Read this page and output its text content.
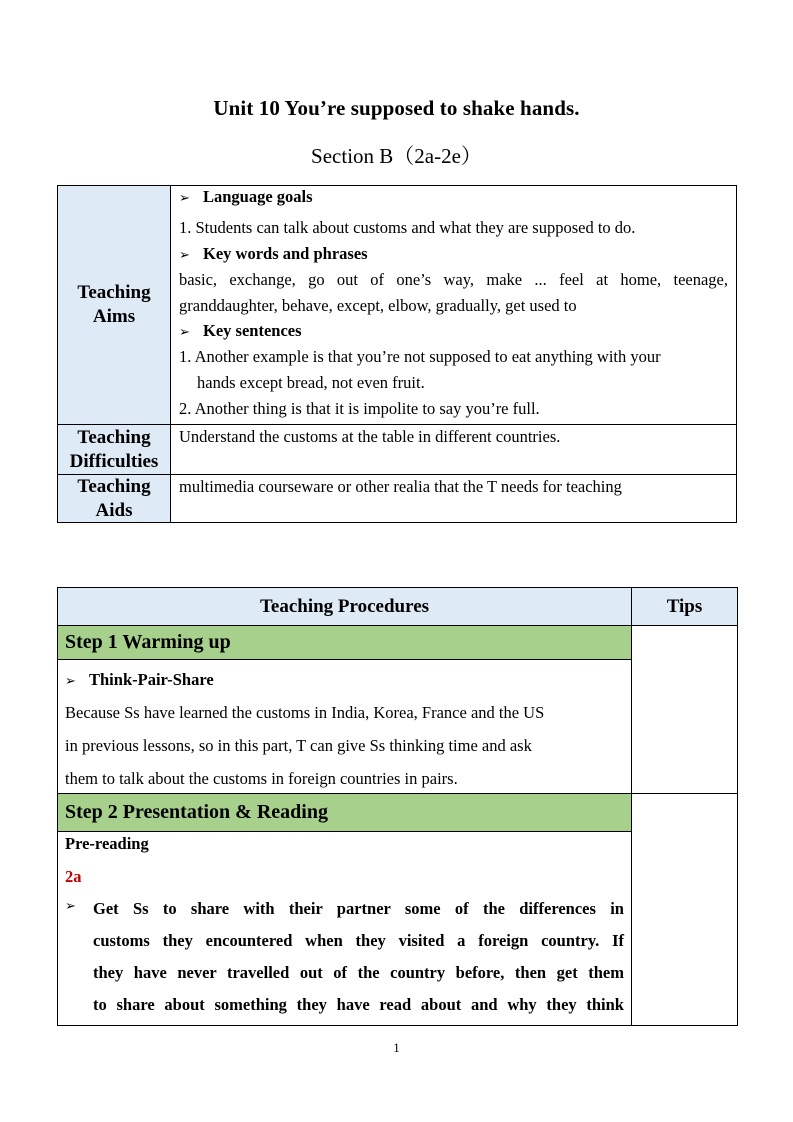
Unit 10 You’re supposed to shake hands.
Section B（2a-2e）
Teaching Aims
➢ Language goals
1. Students can talk about customs and what they are supposed to do.
➢ Key words and phrases
basic, exchange, go out of one’s way, make ... feel at home, teenage,
granddaughter, behave, except, elbow, gradually, get used to
➢ Key sentences
1. Another example is that you’re not supposed to eat anything with your
hands except bread, not even fruit.
2. Another thing is that it is impolite to say you’re full.
Teaching Difficulties
Understand the customs at the table in different countries.
Teaching Aids
multimedia courseware or other realia that the T needs for teaching
Teaching Procedures	Tips
Step 1 Warming up
➢ Think-Pair-Share
Because Ss have learned the customs in India, Korea, France and the US
in previous lessons, so in this part, T can give Ss thinking time and ask
them to talk about the customs in foreign countries in pairs.
Step 2 Presentation & Reading
Pre-reading
2a
➢	Get Ss to share with their partner some of the differences in
customs they encountered when they visited a foreign country. If
they have never travelled out of the country before, then get them
to share about something they have read about and why they think
1
